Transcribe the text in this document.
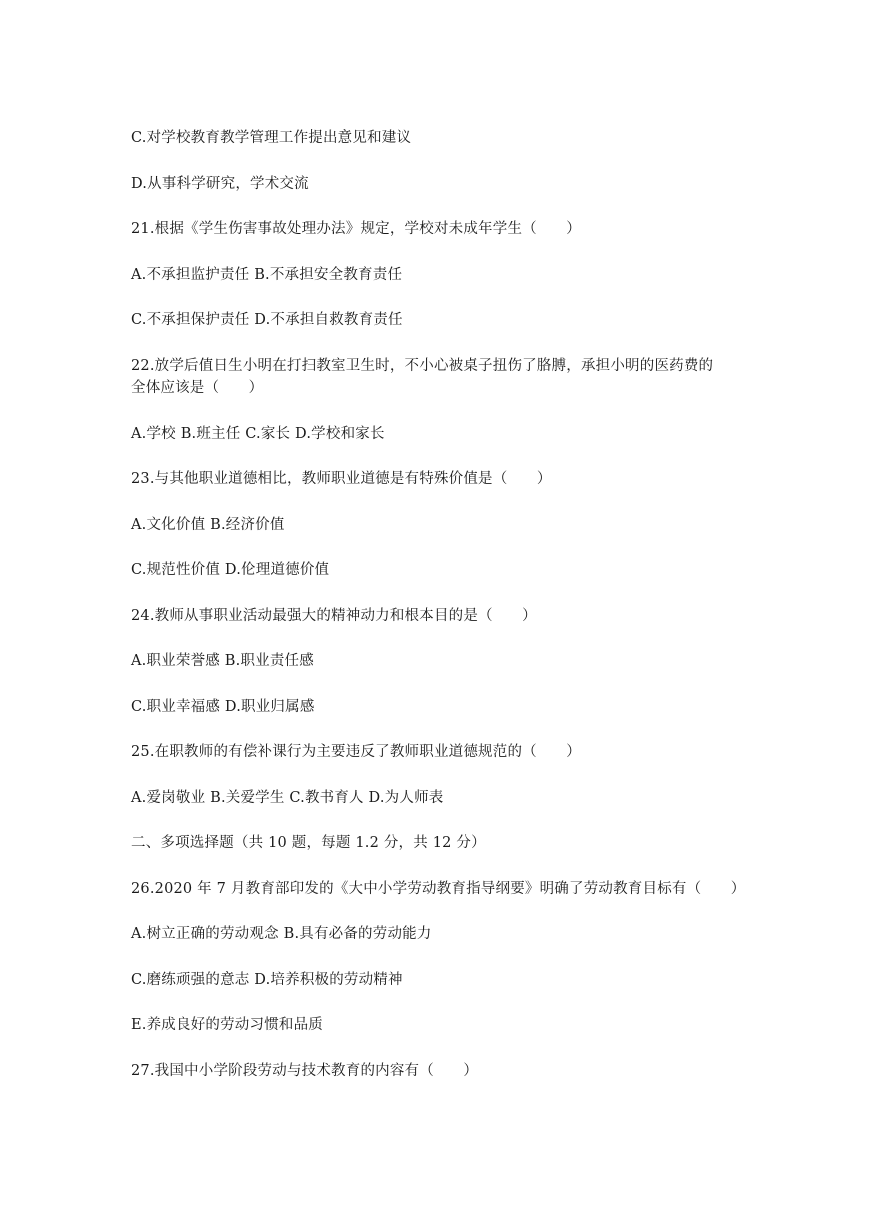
C.对学校教育教学管理工作提出意见和建议
D.从事科学研究，学术交流
21.根据《学生伤害事故处理办法》规定，学校对未成年学生（　　）
A.不承担监护责任 B.不承担安全教育责任
C.不承担保护责任 D.不承担自救教育责任
22.放学后值日生小明在打扫教室卫生时，不小心被桌子扭伤了胳膊，承担小明的医药费的
全体应该是（　　）
A.学校 B.班主任 C.家长 D.学校和家长
23.与其他职业道德相比，教师职业道德是有特殊价值是（　　）
A.文化价值 B.经济价值
C.规范性价值 D.伦理道德价值
24.教师从事职业活动最强大的精神动力和根本目的是（　　）
A.职业荣誉感 B.职业责任感
C.职业幸福感 D.职业归属感
25.在职教师的有偿补课行为主要违反了教师职业道德规范的（　　）
A.爱岗敬业 B.关爱学生 C.教书育人 D.为人师表
二、多项选择题（共 10 题，每题 1.2 分，共 12 分）
26.2020 年 7 月教育部印发的《大中小学劳动教育指导纲要》明确了劳动教育目标有（　　）
A.树立正确的劳动观念 B.具有必备的劳动能力
C.磨练顽强的意志 D.培养积极的劳动精神
E.养成良好的劳动习惯和品质
27.我国中小学阶段劳动与技术教育的内容有（　　）
